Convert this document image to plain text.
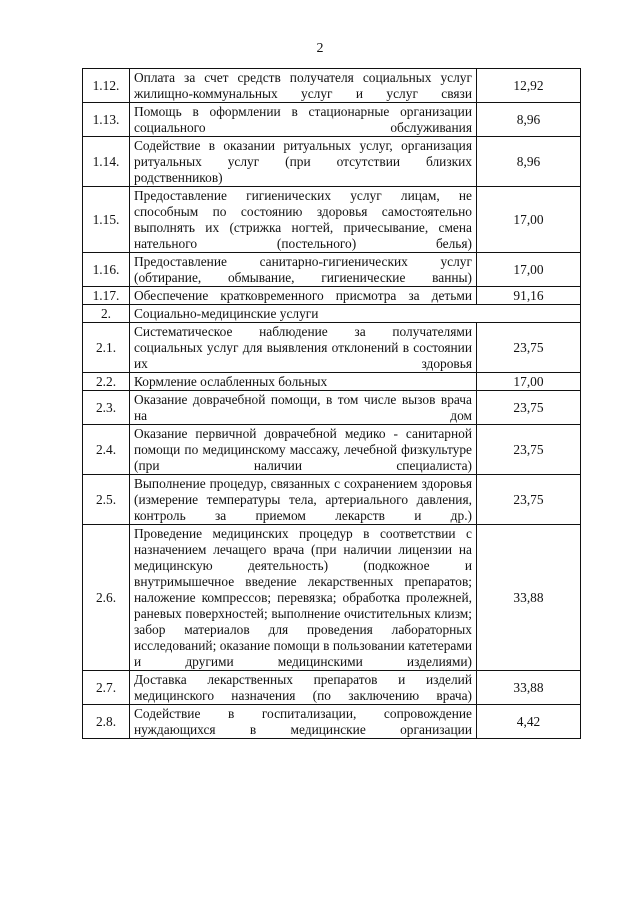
2
1.12.	Оплата за счет средств получателя социальных услуг жилищно-коммунальных услуг и услуг связи	12,92
1.13.	Помощь в оформлении в стационарные организации социального обслуживания	8,96
1.14.	Содействие в оказании ритуальных услуг, организация ритуальных услуг (при отсутствии близких родственников)	8,96
1.15.	Предоставление гигиенических услуг лицам, не способным по состоянию здоровья самостоятельно выполнять их (стрижка ногтей, причесывание, смена нательного (постельного) белья)	17,00
1.16.	Предоставление санитарно-гигиенических услуг (обтирание, обмывание, гигиенические ванны)	17,00
1.17.	Обеспечение кратковременного присмотра за детьми	91,16
2.	Социально-медицинские услуги	
2.1.	Систематическое наблюдение за получателями социальных услуг для выявления отклонений в состоянии их здоровья	23,75
2.2.	Кормление ослабленных больных	17,00
2.3.	Оказание доврачебной помощи, в том числе вызов врача на дом	23,75
2.4.	Оказание первичной доврачебной медико - санитарной помощи по медицинскому массажу, лечебной физкультуре (при наличии специалиста)	23,75
2.5.	Выполнение процедур, связанных с сохранением здоровья (измерение температуры тела, артериального давления, контроль за приемом лекарств и др.)	23,75
2.6.	Проведение медицинских процедур в соответствии с назначением лечащего врача (при наличии лицензии на медицинскую деятельность) (подкожное и внутримышечное введение лекарственных препаратов; наложение компрессов; перевязка; обработка пролежней, раневых поверхностей; выполнение очистительных клизм; забор материалов для проведения лабораторных исследований; оказание помощи в пользовании катетерами и другими медицинскими изделиями)	33,88
2.7.	Доставка лекарственных препаратов и изделий медицинского назначения (по заключению врача)	33,88
2.8.	Содействие в госпитализации, сопровождение нуждающихся в медицинские организации	4,42
